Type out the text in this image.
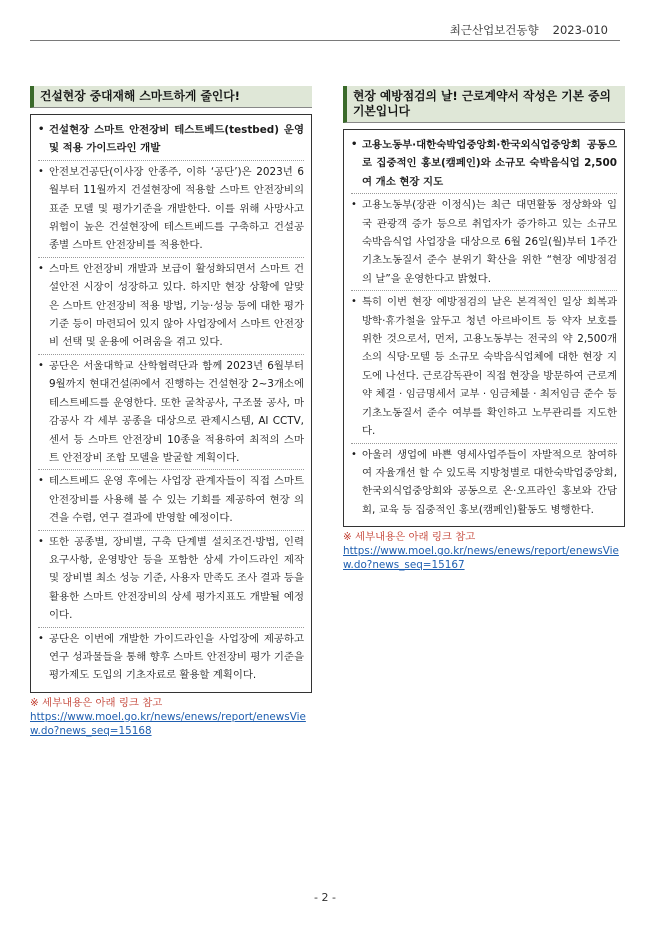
최근산업보건동향 2023-010
건설현장 중대재해 스마트하게 줄인다!
• 건설현장 스마트 안전장비 테스트베드(testbed) 운영 및 적용 가이드라인 개발
• 안전보건공단(이사장 안종주, 이하 ‘공단’)은 2023년 6월부터 11월까지 건설현장에 적용할 스마트 안전장비의 표준 모델 및 평가기준을 개발한다. 이를 위해 사망사고 위험이 높은 건설현장에 테스트베드를 구축하고 건설공종별 스마트 안전장비를 적용한다.
• 스마트 안전장비 개발과 보급이 활성화되면서 스마트 건설안전 시장이 성장하고 있다. 하지만 현장 상황에 알맞은 스마트 안전장비 적용 방법, 기능·성능 등에 대한 평가기준 등이 마련되어 있지 않아 사업장에서 스마트 안전장비 선택 및 운용에 어려움을 겪고 있다.
• 공단은 서울대학교 산학협력단과 함께 2023년 6월부터 9월까지 현대건설㈜에서 진행하는 건설현장 2~3개소에 테스트베드를 운영한다. 또한 굴착공사, 구조물 공사, 마감공사 각 세부 공종을 대상으로 관제시스템, AI CCTV, 센서 등 스마트 안전장비 10종을 적용하여 최적의 스마트 안전장비 조합 모델을 발굴할 계획이다.
• 테스트베드 운영 후에는 사업장 관계자들이 직접 스마트 안전장비를 사용해 볼 수 있는 기회를 제공하여 현장 의견을 수렴, 연구 결과에 반영할 예정이다.
• 또한 공종별, 장비별, 구축 단계별 설치조건·방법, 인력 요구사항, 운영방안 등을 포함한 상세 가이드라인 제작 및 장비별 최소 성능 기준, 사용자 만족도 조사 결과 등을 활용한 스마트 안전장비의 상세 평가지표도 개발될 예정이다.
• 공단은 이번에 개발한 가이드라인을 사업장에 제공하고 연구 성과물들을 통해 향후 스마트 안전장비 평가 기준을 평가제도 도입의 기초자료로 활용할 계획이다.
※ 세부내용은 아래 링크 참고
https://www.moel.go.kr/news/enews/report/enewsView.do?news_seq=15168
현장 예방점검의 날! 근로계약서 작성은 기본 중의 기본입니다
• 고용노동부·대한숙박업중앙회·한국외식업중앙회 공동으로 집중적인 홍보(캠페인)와 소규모 숙박음식업 2,500여 개소 현장 지도
• 고용노동부(장관 이정식)는 최근 대면활동 정상화와 입국 관광객 증가 등으로 취업자가 증가하고 있는 소규모 숙박음식업 사업장을 대상으로 6월 26일(월)부터 1주간 기초노동질서 준수 분위기 확산을 위한 “현장 예방점검의 날”을 운영한다고 밝혔다.
• 특히 이번 현장 예방점검의 날은 본격적인 일상 회복과 방학·휴가철을 앞두고 청년 아르바이트 등 약자 보호를 위한 것으로서, 먼저, 고용노동부는 전국의 약 2,500개소의 식당·모텔 등 소규모 숙박음식업체에 대한 현장 지도에 나선다. 근로감독관이 직접 현장을 방문하여 근로계약 체결 · 임금명세서 교부 · 임금체불 · 최저임금 준수 등 기초노동질서 준수 여부를 확인하고 노무관리를 지도한다.
• 아울러 생업에 바쁜 영세사업주들이 자발적으로 참여하여 자율개선 할 수 있도록 지방청별로 대한숙박업중앙회, 한국외식업중앙회와 공동으로 온·오프라인 홍보와 간담회, 교육 등 집중적인 홍보(캠페인)활동도 병행한다.
※ 세부내용은 아래 링크 참고
https://www.moel.go.kr/news/enews/report/enewsView.do?news_seq=15167
- 2 -
